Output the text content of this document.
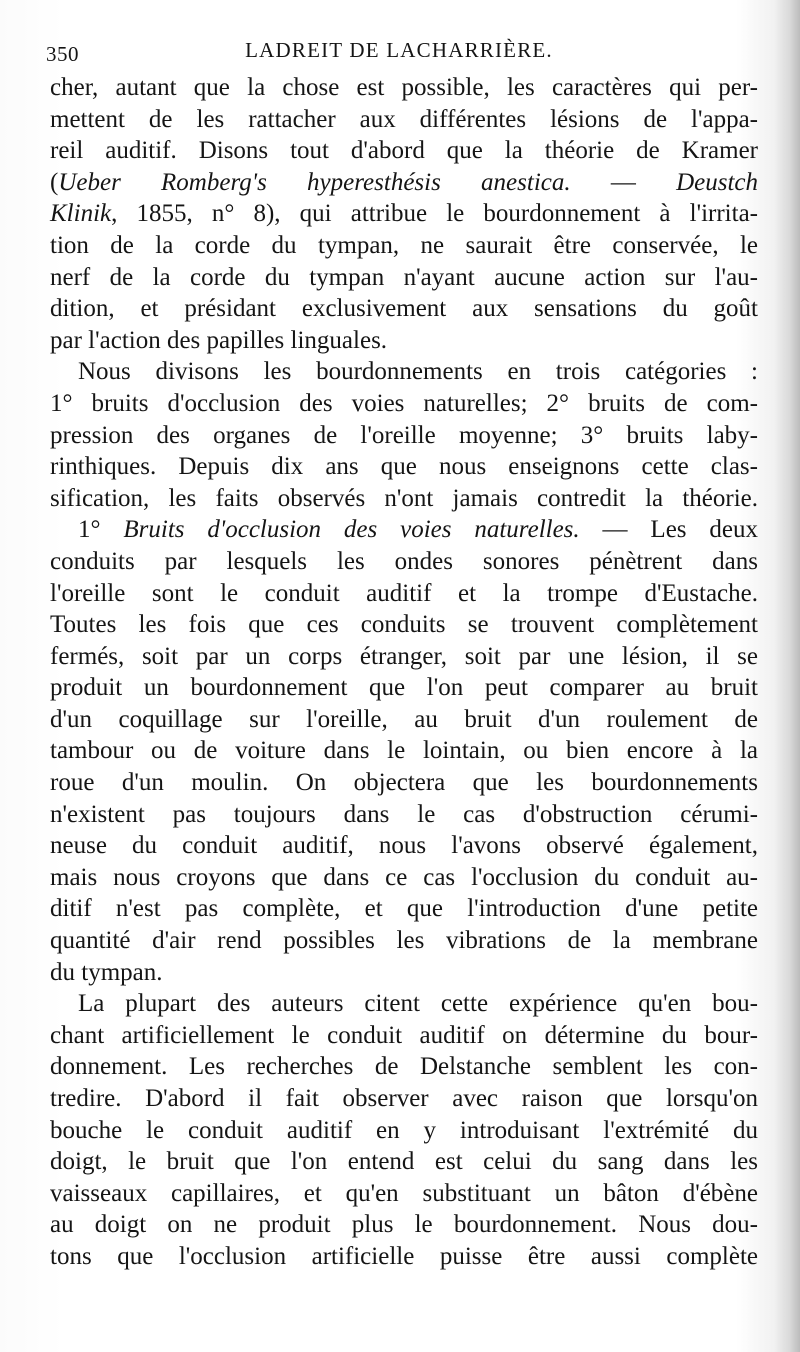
LADREIT DE LACHARRIÈRE.
350
cher, autant que la chose est possible, les caractères qui per-
mettent de les rattacher aux différentes lésions de l'appa-
reil auditif. Disons tout d'abord que la théorie de Kramer
(Ueber Romberg's hyperesthésis anestica. — Deustch
Klinik, 1855, n° 8), qui attribue le bourdonnement à l'irrita-
tion de la corde du tympan, ne saurait être conservée, le
nerf de la corde du tympan n'ayant aucune action sur l'au-
dition, et présidant exclusivement aux sensations du goût
par l'action des papilles linguales.
Nous divisons les bourdonnements en trois catégories :
1° bruits d'occlusion des voies naturelles; 2° bruits de com-
pression des organes de l'oreille moyenne; 3° bruits laby-
rinthiques. Depuis dix ans que nous enseignons cette clas-
sification, les faits observés n'ont jamais contredit la théorie.
1° Bruits d'occlusion des voies naturelles. — Les deux
conduits par lesquels les ondes sonores pénètrent dans
l'oreille sont le conduit auditif et la trompe d'Eustache.
Toutes les fois que ces conduits se trouvent complètement
fermés, soit par un corps étranger, soit par une lésion, il se
produit un bourdonnement que l'on peut comparer au bruit
d'un coquillage sur l'oreille, au bruit d'un roulement de
tambour ou de voiture dans le lointain, ou bien encore à la
roue d'un moulin. On objectera que les bourdonnements
n'existent pas toujours dans le cas d'obstruction cérumi-
neuse du conduit auditif, nous l'avons observé également,
mais nous croyons que dans ce cas l'occlusion du conduit au-
ditif n'est pas complète, et que l'introduction d'une petite
quantité d'air rend possibles les vibrations de la membrane
du tympan.
La plupart des auteurs citent cette expérience qu'en bou-
chant artificiellement le conduit auditif on détermine du bour-
donnement. Les recherches de Delstanche semblent les con-
tredire. D'abord il fait observer avec raison que lorsqu'on
bouche le conduit auditif en y introduisant l'extrémité du
doigt, le bruit que l'on entend est celui du sang dans les
vaisseaux capillaires, et qu'en substituant un bâton d'ébène
au doigt on ne produit plus le bourdonnement. Nous dou-
tons que l'occlusion artificielle puisse être aussi complète
